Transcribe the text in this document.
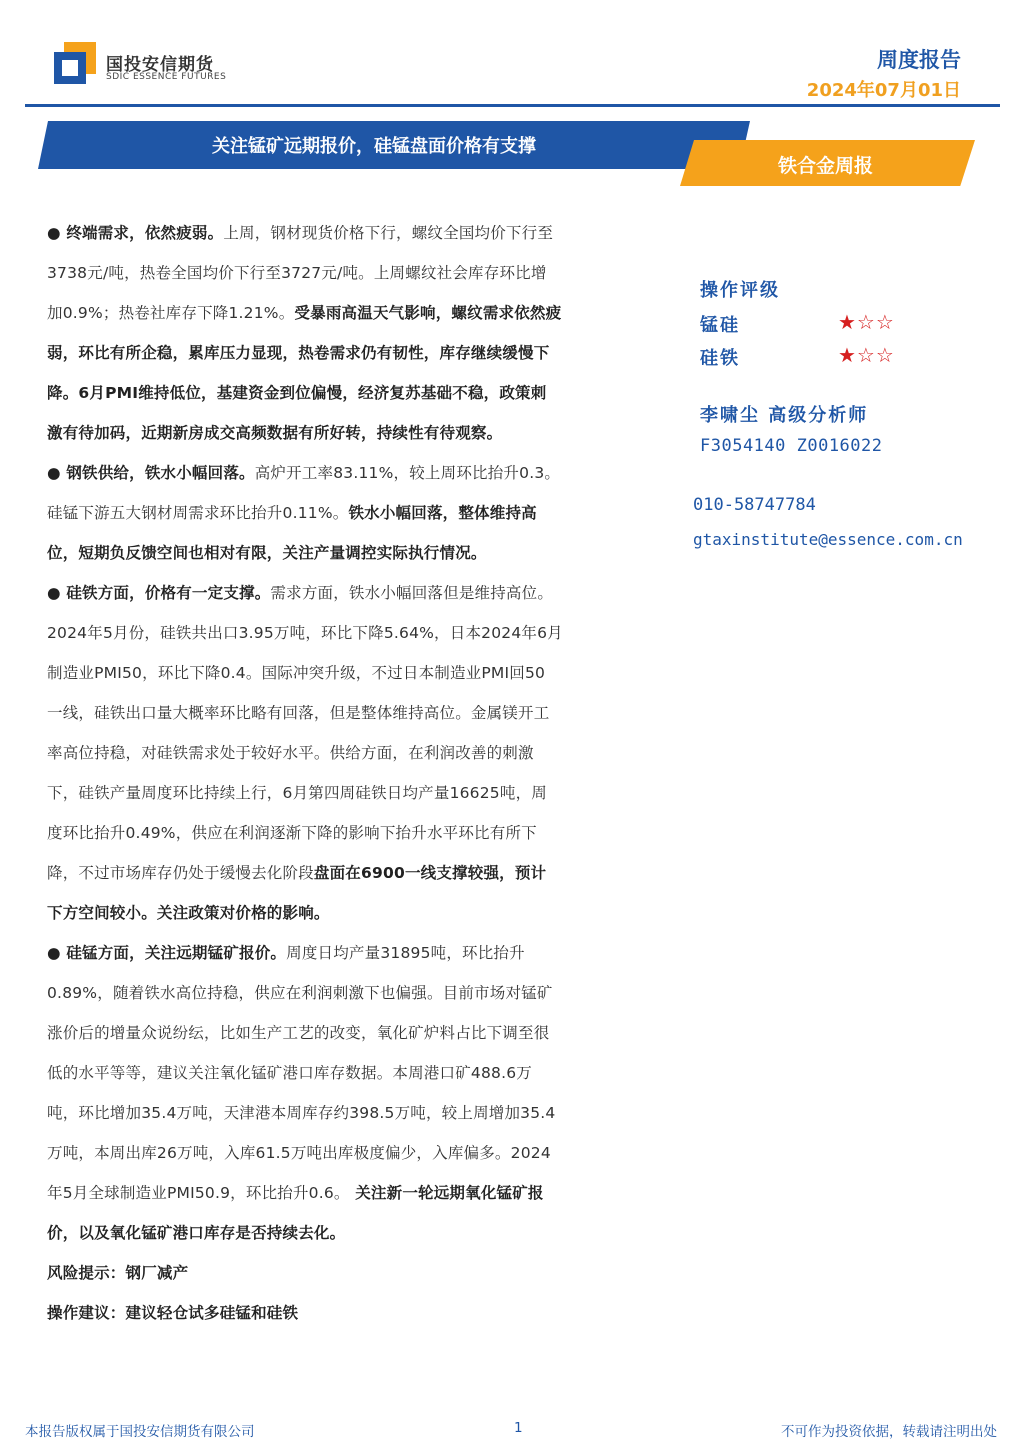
国投安信期货
SDIC ESSENCE FUTURES
周度报告
2024年07月01日
关注锰矿远期报价，硅锰盘面价格有支撑
铁合金周报
● 终端需求，依然疲弱。上周，钢材现货价格下行，螺纹全国均价下行至
3738元/吨，热卷全国均价下行至3727元/吨。上周螺纹社会库存环比增
加0.9%；热卷社库存下降1.21%。受暴雨高温天气影响，螺纹需求依然疲
弱，环比有所企稳，累库压力显现，热卷需求仍有韧性，库存继续缓慢下
降。6月PMI维持低位，基建资金到位偏慢，经济复苏基础不稳，政策刺
激有待加码，近期新房成交高频数据有所好转，持续性有待观察。
● 钢铁供给，铁水小幅回落。高炉开工率83.11%，较上周环比抬升0.3。
硅锰下游五大钢材周需求环比抬升0.11%。铁水小幅回落，整体维持高
位，短期负反馈空间也相对有限，关注产量调控实际执行情况。
● 硅铁方面，价格有一定支撑。需求方面，铁水小幅回落但是维持高位。
2024年5月份，硅铁共出口3.95万吨，环比下降5.64%，日本2024年6月
制造业PMI50，环比下降0.4。国际冲突升级，不过日本制造业PMI回50
一线，硅铁出口量大概率环比略有回落，但是整体维持高位。金属镁开工
率高位持稳，对硅铁需求处于较好水平。供给方面，在利润改善的刺激
下，硅铁产量周度环比持续上行，6月第四周硅铁日均产量16625吨，周
度环比抬升0.49%，供应在利润逐渐下降的影响下抬升水平环比有所下
降，不过市场库存仍处于缓慢去化阶段盘面在6900一线支撑较强，预计
下方空间较小。关注政策对价格的影响。
● 硅锰方面，关注远期锰矿报价。周度日均产量31895吨，环比抬升
0.89%，随着铁水高位持稳，供应在利润刺激下也偏强。目前市场对锰矿
涨价后的增量众说纷纭，比如生产工艺的改变，氧化矿炉料占比下调至很
低的水平等等，建议关注氧化锰矿港口库存数据。本周港口矿488.6万
吨，环比增加35.4万吨，天津港本周库存约398.5万吨，较上周增加35.4
万吨，本周出库26万吨，入库61.5万吨出库极度偏少，入库偏多。2024
年5月全球制造业PMI50.9，环比抬升0.6。 关注新一轮远期氧化锰矿报
价，以及氧化锰矿港口库存是否持续去化。
风险提示：钢厂减产
操作建议：建议轻仓试多硅锰和硅铁
操作评级
锰硅	★☆☆
硅铁	★☆☆
李啸尘 高级分析师
F3054140 Z0016022
010-58747784
gtaxinstitute@essence.com.cn
本报告版权属于国投安信期货有限公司	1	不可作为投资依据，转载请注明出处
